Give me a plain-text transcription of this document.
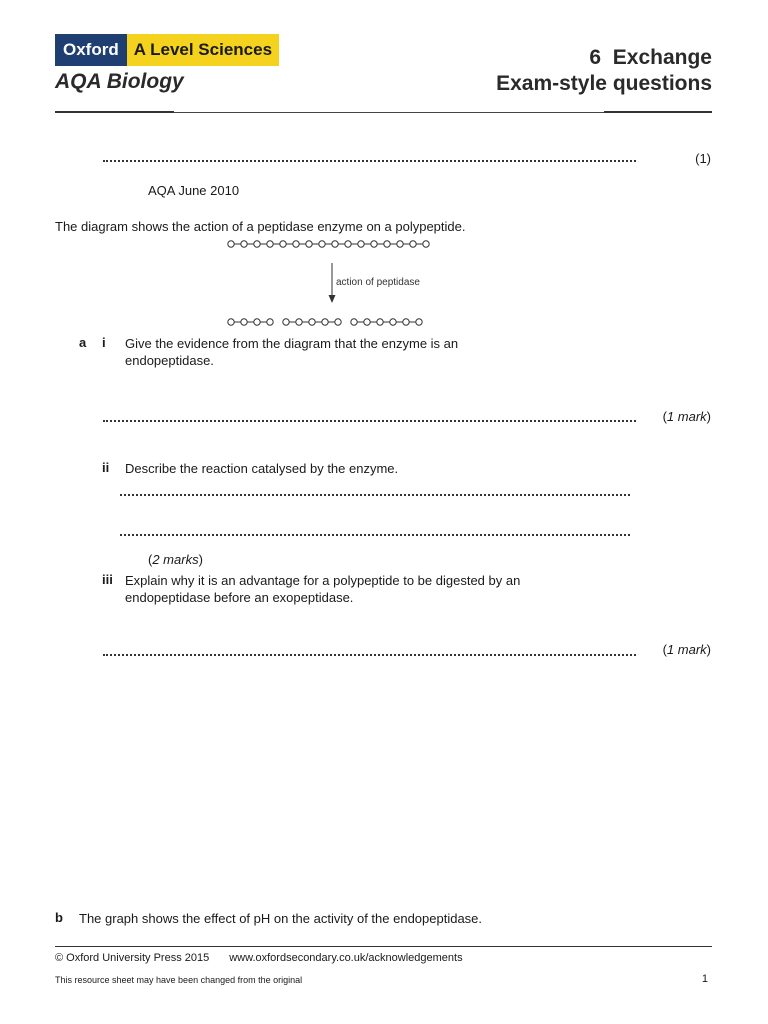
Oxford A Level Sciences
AQA Biology
6 Exchange
Exam-style questions
(1)
AQA June 2010
The diagram shows the action of a peptidase enzyme on a polypeptide.
action of peptidase
a i Give the evidence from the diagram that the enzyme is an
endopeptidase.
(1 mark)
ii Describe the reaction catalysed by the enzyme.
(2 marks)
iii Explain why it is an advantage for a polypeptide to be digested by an
endopeptidase before an exopeptidase.
(1 mark)
b The graph shows the effect of pH on the activity of the endopeptidase.
© Oxford University Press 2015 www.oxfordsecondary.co.uk/acknowledgements
This resource sheet may have been changed from the original	1
